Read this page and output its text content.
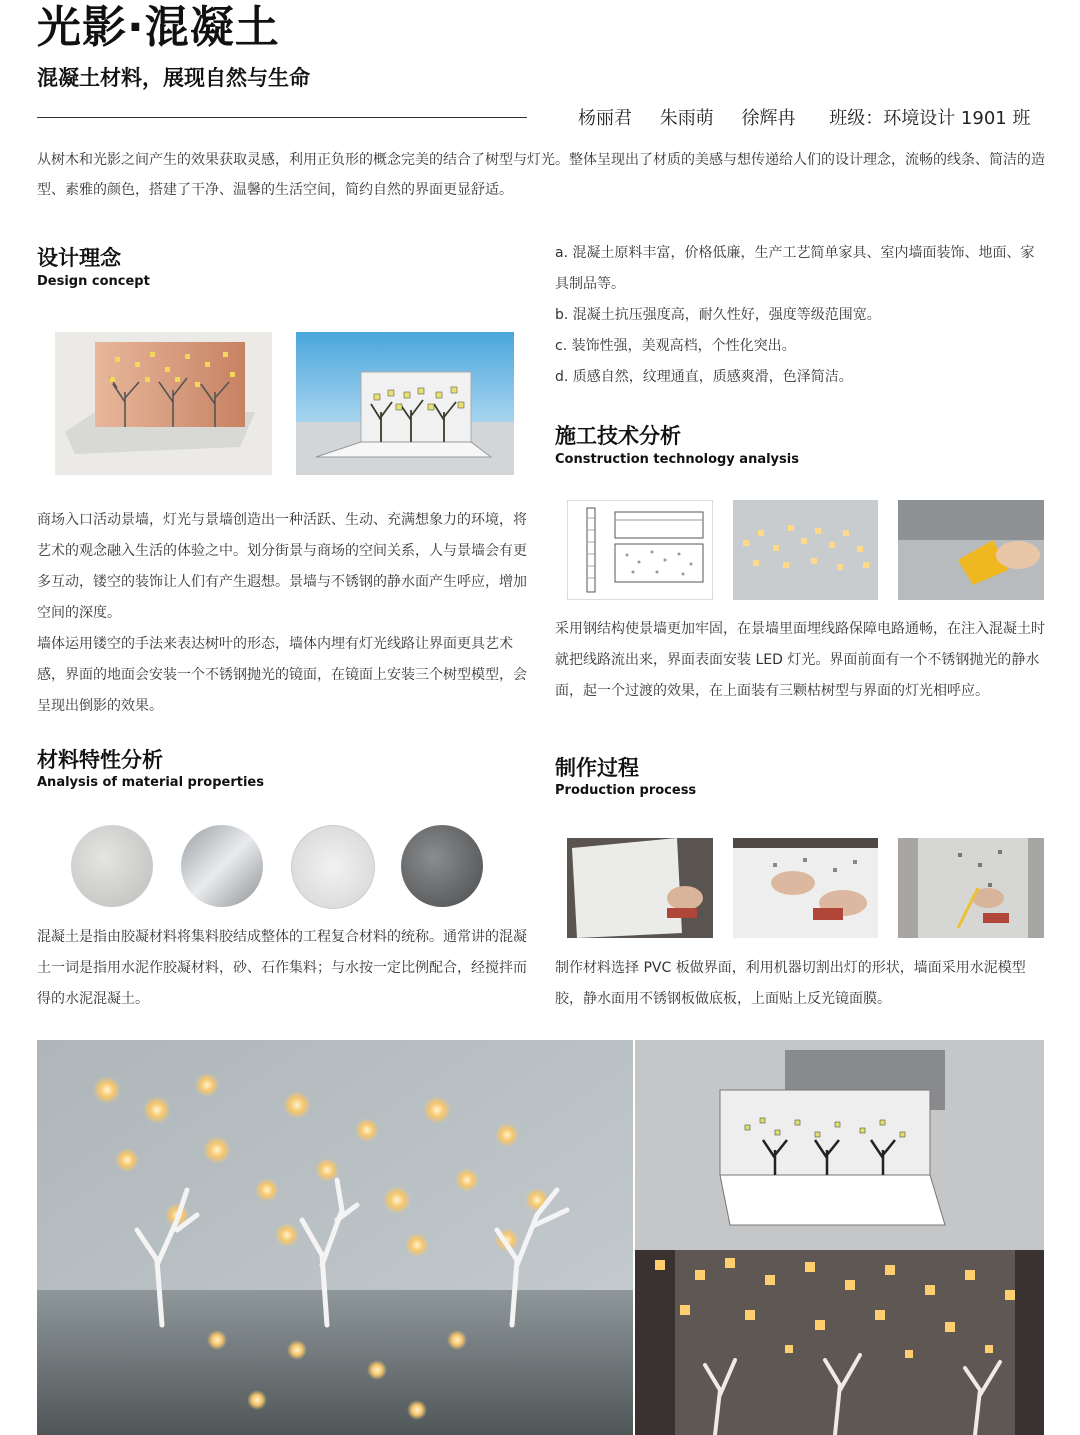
光影·混凝土
混凝土材料，展现自然与生命
杨丽君 朱雨萌 徐辉冉 班级：环境设计 1901 班
从树木和光影之间产生的效果获取灵感，利用正负形的概念完美的结合了树型与灯光。整体呈现出了材质的美感与想传递给人们的设计理念，流畅的线条、简洁的造型、素雅的颜色，搭建了干净、温馨的生活空间，简约自然的界面更显舒适。
设计理念
Design concept
商场入口活动景墙，灯光与景墙创造出一种活跃、生动、充满想象力的环境，将艺术的观念融入生活的体验之中。划分街景与商场的空间关系，人与景墙会有更多互动，镂空的装饰让人们有产生遐想。景墙与不锈钢的静水面产生呼应，增加空间的深度。
墙体运用镂空的手法来表达树叶的形态，墙体内埋有灯光线路让界面更具艺术感，界面的地面会安装一个不锈钢抛光的镜面，在镜面上安装三个树型模型，会呈现出倒影的效果。
a. 混凝土原料丰富，价格低廉，生产工艺简单家具、室内墙面装饰、地面、家具制品等。
b. 混凝土抗压强度高，耐久性好，强度等级范围宽。
c. 装饰性强，美观高档，个性化突出。
d. 质感自然，纹理通直，质感爽滑，色泽简洁。
施工技术分析
Construction technology analysis
采用钢结构使景墙更加牢固，在景墙里面埋线路保障电路通畅，在注入混凝土时就把线路流出来，界面表面安装 LED 灯光。界面前面有一个不锈钢抛光的静水面，起一个过渡的效果，在上面装有三颗枯树型与界面的灯光相呼应。
材料特性分析
Analysis of material properties
混凝土是指由胶凝材料将集料胶结成整体的工程复合材料的统称。通常讲的混凝土一词是指用水泥作胶凝材料，砂、石作集料；与水按一定比例配合，经搅拌而得的水泥混凝土。
制作过程
Production process
制作材料选择 PVC 板做界面，利用机器切割出灯的形状，墙面采用水泥模型胶，静水面用不锈钢板做底板，上面贴上反光镜面膜。
